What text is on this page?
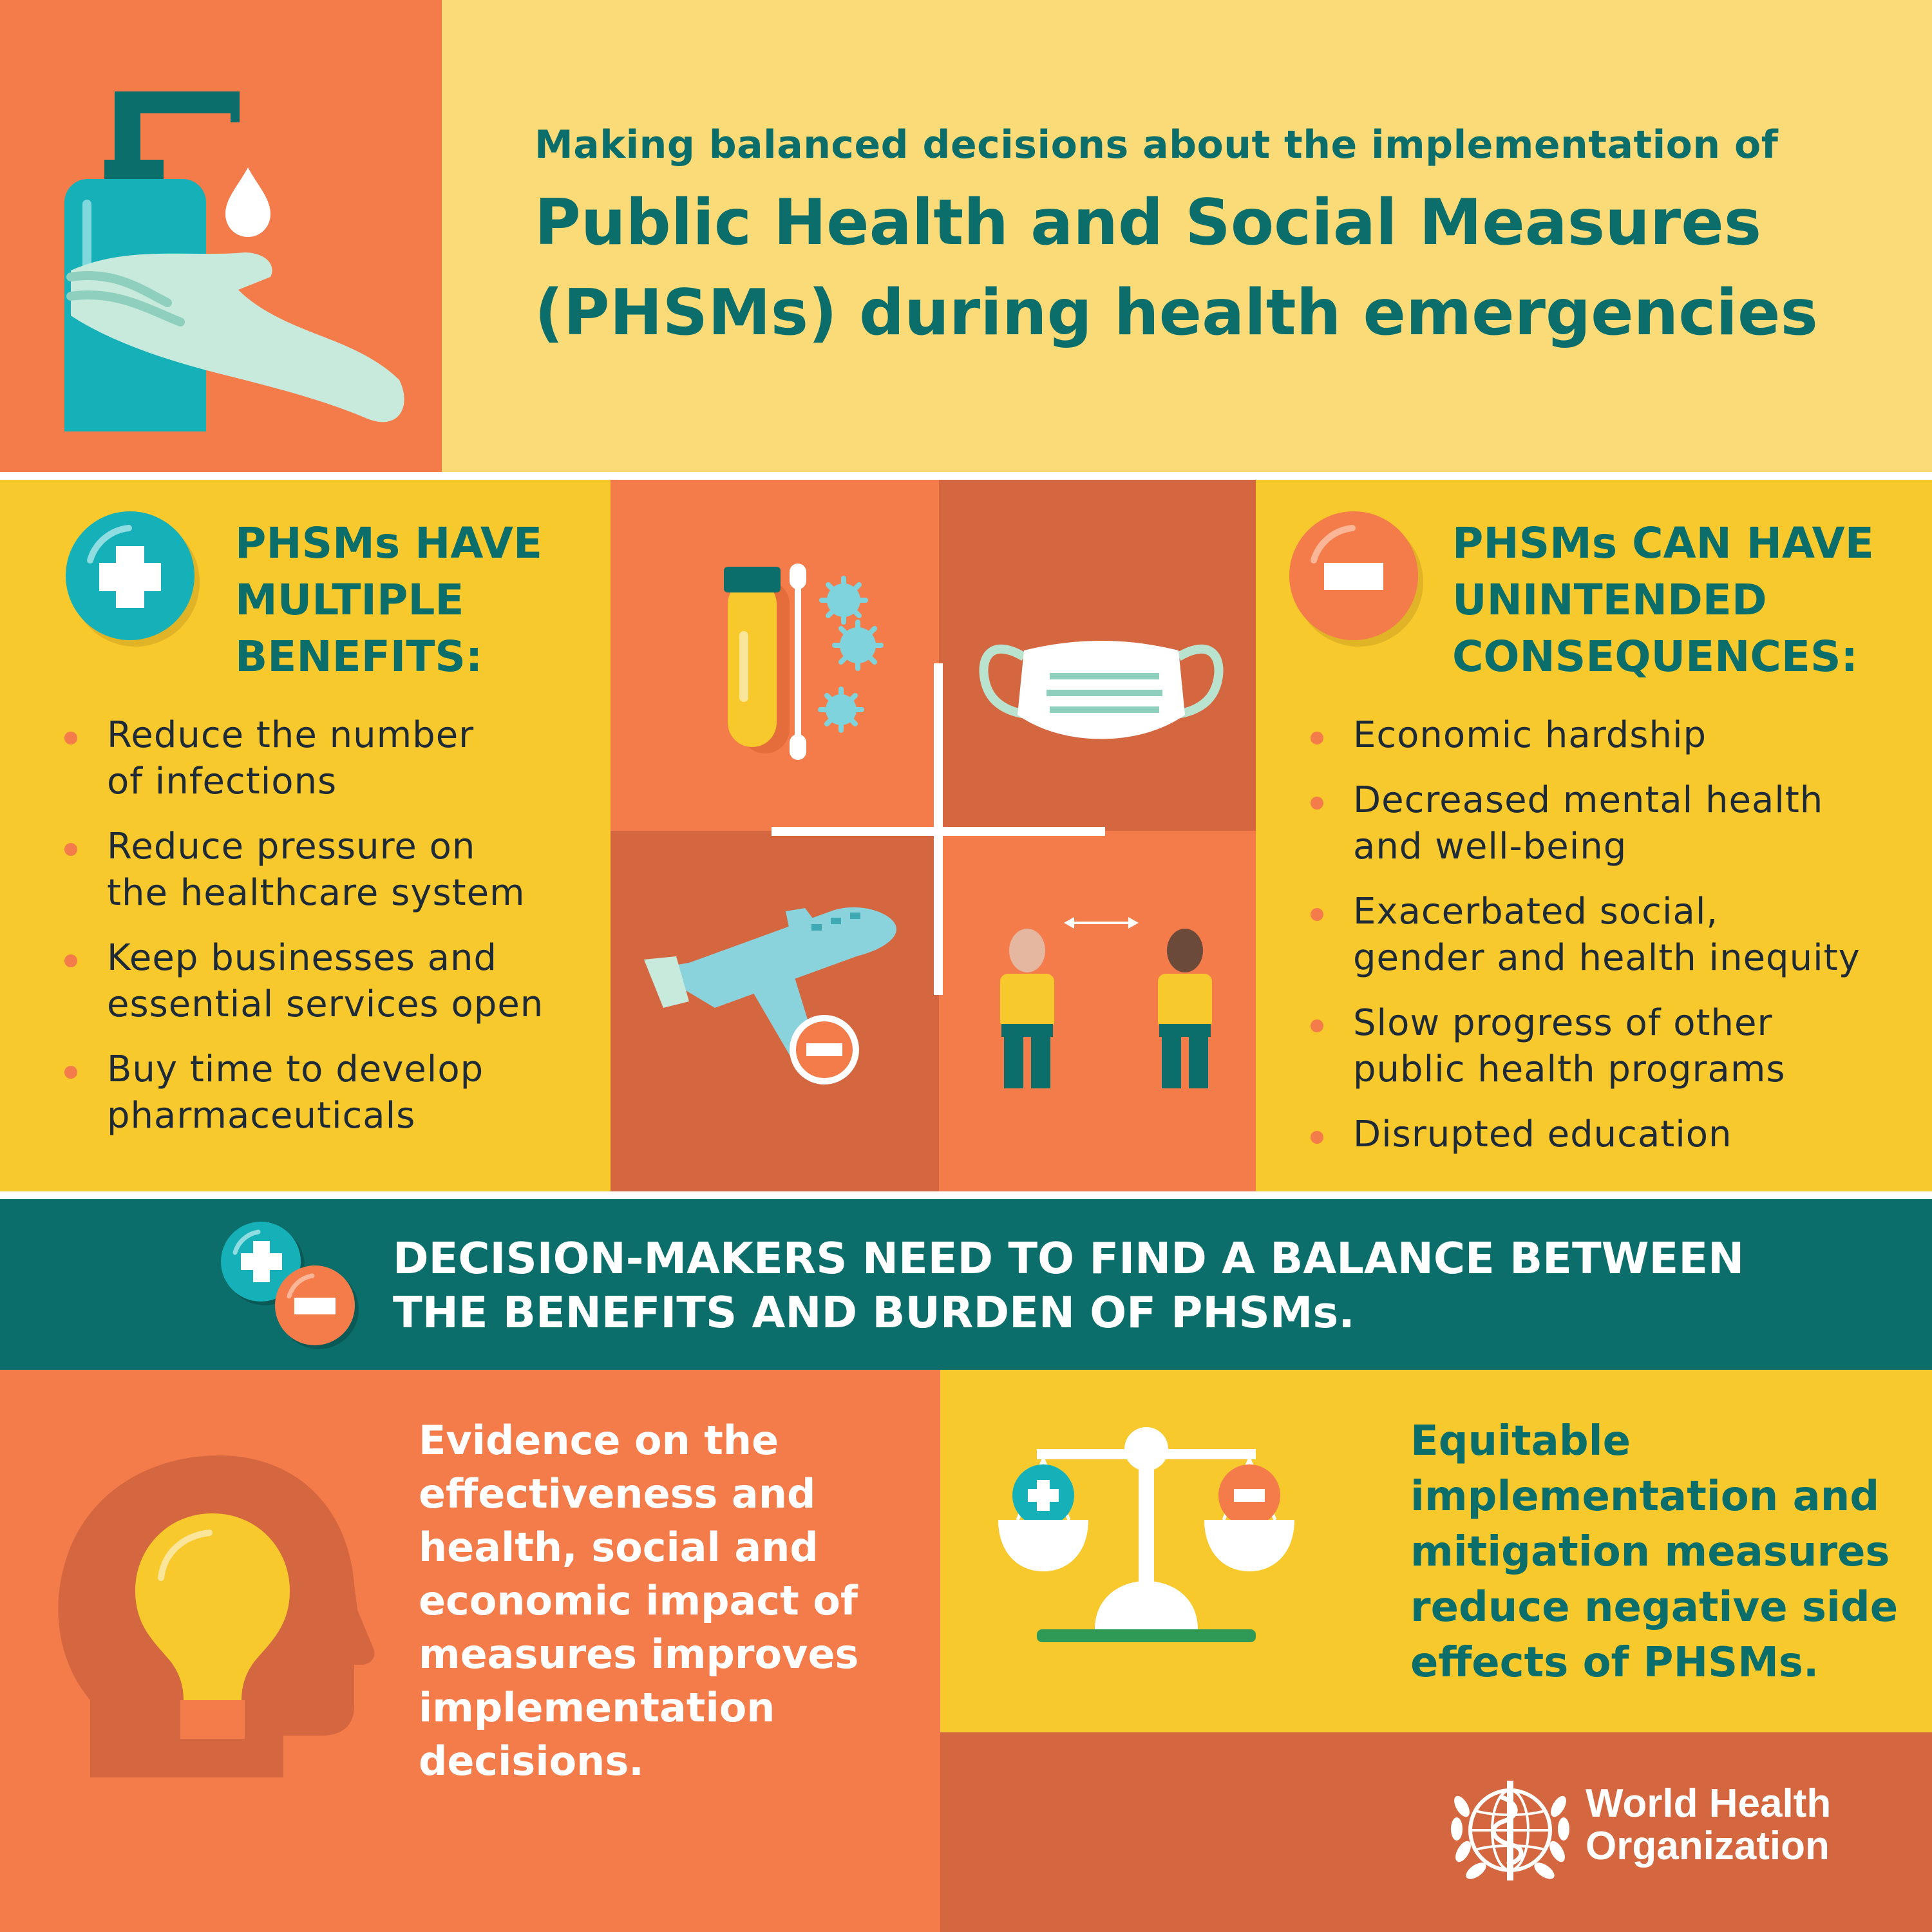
Making balanced decisions about the implementation of
Public Health and Social Measures
(PHSMs) during health emergencies
PHSMs HAVE
MULTIPLE
BENEFITS:
Reduce the number
of infections
Reduce pressure on
the healthcare system
Keep businesses and
essential services open
Buy time to develop
pharmaceuticals
PHSMs CAN HAVE
UNINTENDED
CONSEQUENCES:
Economic hardship
Decreased mental health
and well-being
Exacerbated social,
gender and health inequity
Slow progress of other
public health programs
Disrupted education
DECISION-MAKERS NEED TO FIND A BALANCE BETWEEN
THE BENEFITS AND BURDEN OF PHSMs.
Evidence on the
effectiveness and
health, social and
economic impact of
measures improves
implementation
decisions.
Equitable
implementation and
mitigation measures
reduce negative side
effects of PHSMs.
World Health
Organization
